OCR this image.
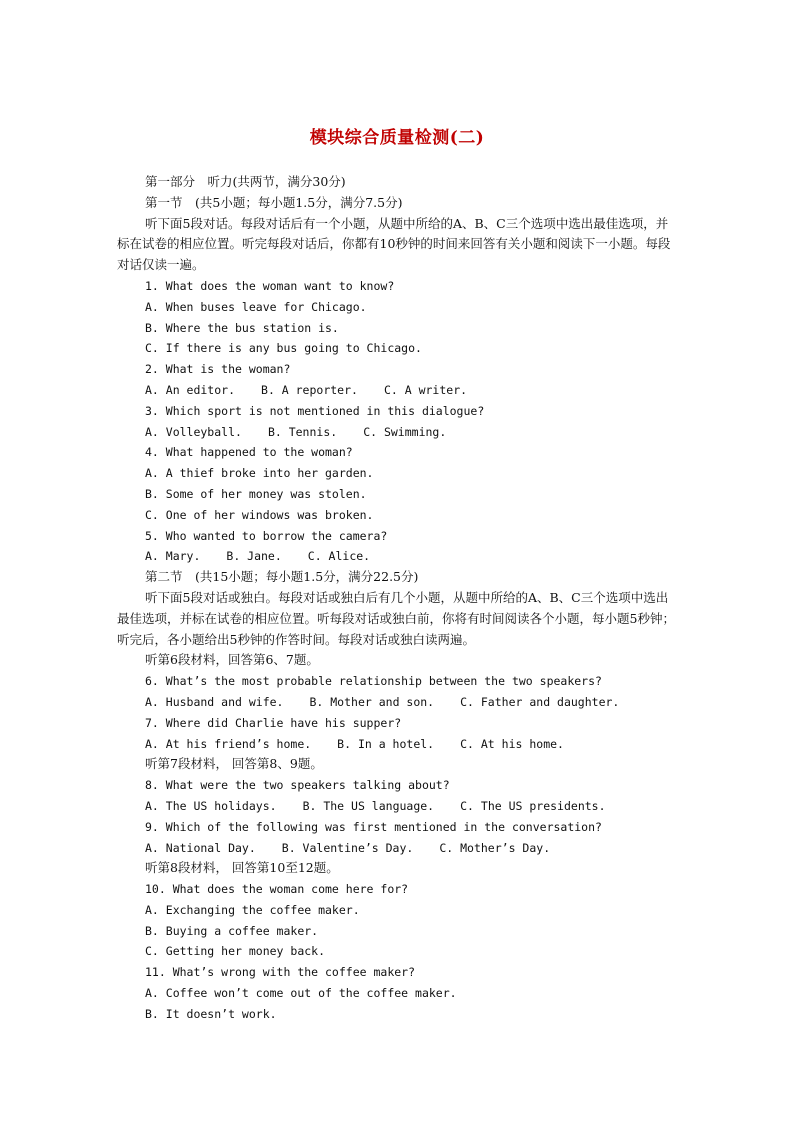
模块综合质量检测(二)
第一部分　听力(共两节，满分30分)
第一节　(共5小题；每小题1.5分，满分7.5分)

听下面5段对话。每段对话后有一个小题，从题中所给的A、B、C三个选项中选出最佳选项，并标在试卷的相应位置。听完每段对话后，你都有10秒钟的时间来回答有关小题和阅读下一小题。每段对话仅读一遍。

1. What does the woman want to know?
A. When buses leave for Chicago.
B. Where the bus station is.
C. If there is any bus going to Chicago.
2. What is the woman?
A. An editor. B. A reporter. C. A writer.
3. Which sport is not mentioned in this dialogue?
A. Volleyball. B. Tennis. C. Swimming.
4. What happened to the woman?
A. A thief broke into her garden.
B. Some of her money was stolen.
C. One of her windows was broken.
5. Who wanted to borrow the camera?
A. Mary. B. Jane. C. Alice.
第二节　(共15小题；每小题1.5分，满分22.5分)

听下面5段对话或独白。每段对话或独白后有几个小题，从题中所给的A、B、C三个选项中选出最佳选项，并标在试卷的相应位置。听每段对话或独白前，你将有时间阅读各个小题，每小题5秒钟；听完后，各小题给出5秒钟的作答时间。每段对话或独白读两遍。

听第6段材料，回答第6、7题。
6. What’s the most probable relationship between the two speakers?
A. Husband and wife. B. Mother and son. C. Father and daughter.
7. Where did Charlie have his supper?
A. At his friend’s home. B. In a hotel. C. At his home.
听第7段材料， 回答第8、9题。
8. What were the two speakers talking about?
A. The US holidays. B. The US language. C. The US presidents.
9. Which of the following was first mentioned in the conversation?
A. National Day. B. Valentine’s Day. C. Mother’s Day.
听第8段材料， 回答第10至12题。
10. What does the woman come here for?
A. Exchanging the coffee maker.
B. Buying a coffee maker.
C. Getting her money back.
11. What’s wrong with the coffee maker?
A. Coffee won’t come out of the coffee maker.
B. It doesn’t work.
